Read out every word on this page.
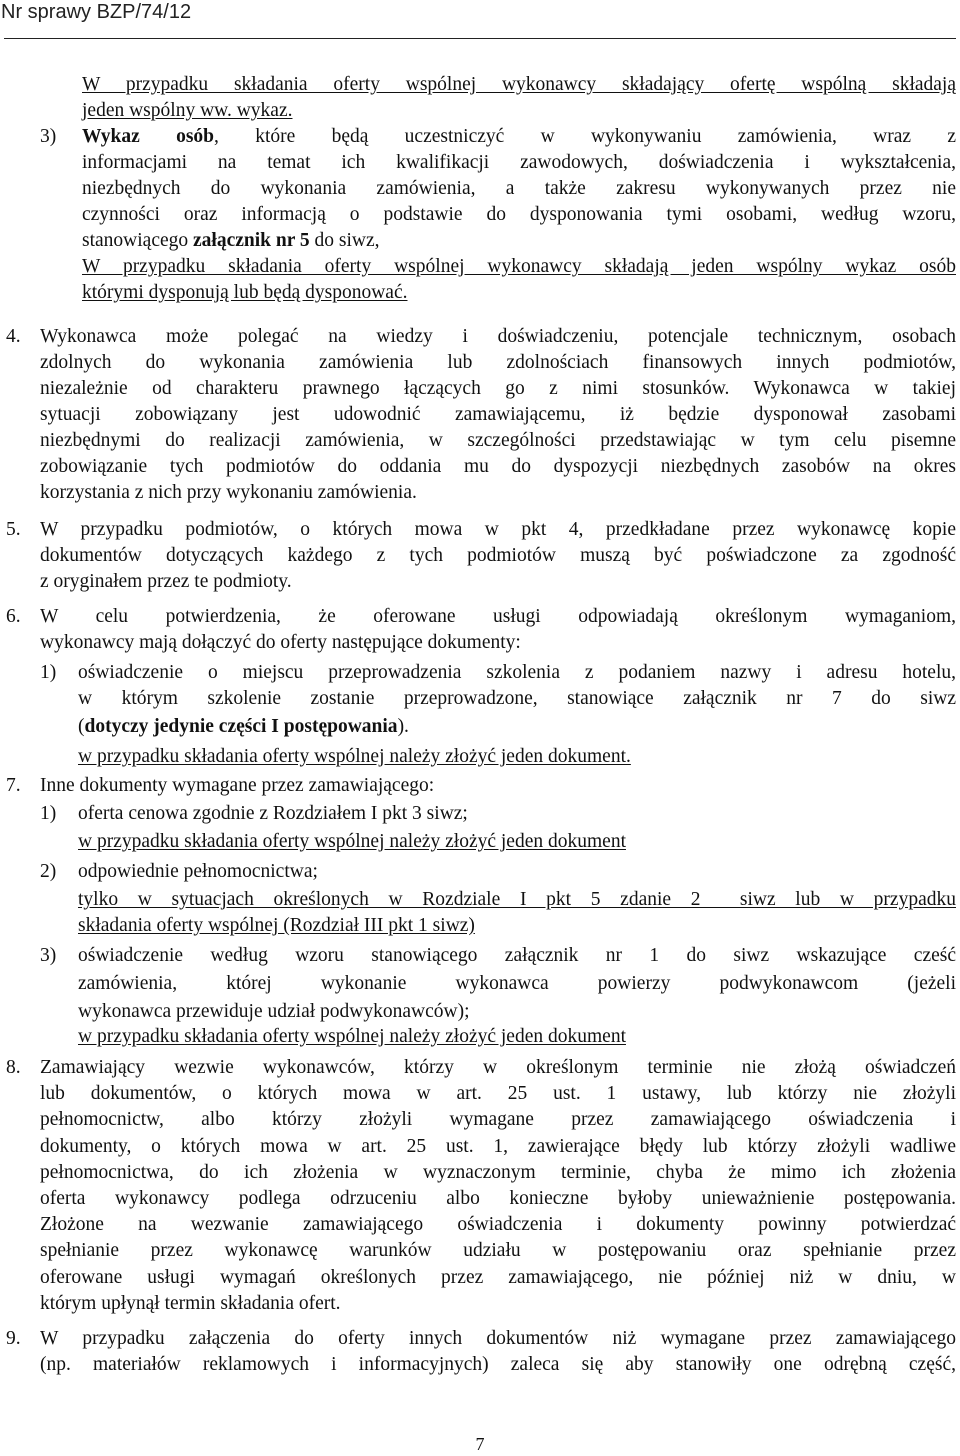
Nr sprawy BZP/74/12

W przypadku składania oferty wspólnej wykonawcy składający ofertę wspólną składają

jeden wspólny ww. wykaz.

3) Wykaz osób, które będą uczestniczyć w wykonywaniu zamówienia, wraz z

informacjami na temat ich kwalifikacji zawodowych, doświadczenia i wykształcenia,

niezbędnych do wykonania zamówienia, a także zakresu wykonywanych przez nie

czynności oraz informacją o podstawie do dysponowania tymi osobami, według wzoru,

stanowiącego załącznik nr 5 do siwz,

W przypadku składania oferty wspólnej wykonawcy składają jeden wspólny wykaz osób

którymi dysponują lub będą dysponować.

4. Wykonawca może polegać na wiedzy i doświadczeniu, potencjale technicznym, osobach

zdolnych do wykonania zamówienia lub zdolnościach finansowych innych podmiotów,

niezależnie od charakteru prawnego łączących go z nimi stosunków. Wykonawca w takiej

sytuacji zobowiązany jest udowodnić zamawiającemu, iż będzie dysponował zasobami

niezbędnymi do realizacji zamówienia, w szczególności przedstawiając w tym celu pisemne

zobowiązanie tych podmiotów do oddania mu do dyspozycji niezbędnych zasobów na okres

korzystania z nich przy wykonaniu zamówienia.

5. W przypadku podmiotów, o których mowa w pkt 4, przedkładane przez wykonawcę kopie

dokumentów dotyczących każdego z tych podmiotów muszą być poświadczone za zgodność

z oryginałem przez te podmioty.

6. W celu potwierdzenia, że oferowane usługi odpowiadają określonym wymaganiom,

wykonawcy mają dołączyć do oferty następujące dokumenty:

1) oświadczenie o miejscu przeprowadzenia szkolenia z podaniem nazwy i adresu hotelu,

w którym szkolenie zostanie przeprowadzone, stanowiące załącznik nr 7 do siwz

(dotyczy jedynie części I postępowania).

w przypadku składania oferty wspólnej należy złożyć jeden dokument.

7. Inne dokumenty wymagane przez zamawiającego:

1) oferta cenowa zgodnie z Rozdziałem I pkt 3 siwz;

w przypadku składania oferty wspólnej należy złożyć jeden dokument

2) odpowiednie pełnomocnictwa;

tylko w sytuacjach określonych w Rozdziale I pkt 5 zdanie 2  siwz lub w przypadku

składania oferty wspólnej (Rozdział III pkt 1 siwz)

3) oświadczenie według wzoru stanowiącego załącznik nr 1 do siwz wskazujące cześć

zamówienia, której wykonanie wykonawca powierzy podwykonawcom (jeżeli

wykonawca przewiduje udział podwykonawców);

w przypadku składania oferty wspólnej należy złożyć jeden dokument

8. Zamawiający wezwie wykonawców, którzy w określonym terminie nie złożą oświadczeń

lub dokumentów, o których mowa w art. 25 ust. 1 ustawy, lub którzy nie złożyli

pełnomocnictw, albo którzy złożyli wymagane przez zamawiającego oświadczenia i

dokumenty, o których mowa w art. 25 ust. 1, zawierające błędy lub którzy złożyli wadliwe

pełnomocnictwa, do ich złożenia w wyznaczonym terminie, chyba że mimo ich złożenia

oferta wykonawcy podlega odrzuceniu albo konieczne byłoby unieważnienie postępowania.

Złożone na wezwanie zamawiającego oświadczenia i dokumenty powinny potwierdzać

spełnianie przez wykonawcę warunków udziału w postępowaniu oraz spełnianie przez

oferowane usługi wymagań określonych przez zamawiającego, nie później niż w dniu, w

którym upłynął termin składania ofert.

9. W przypadku załączenia do oferty innych dokumentów niż wymagane przez zamawiającego

(np. materiałów reklamowych i informacyjnych) zaleca się aby stanowiły one odrębną część,

7
